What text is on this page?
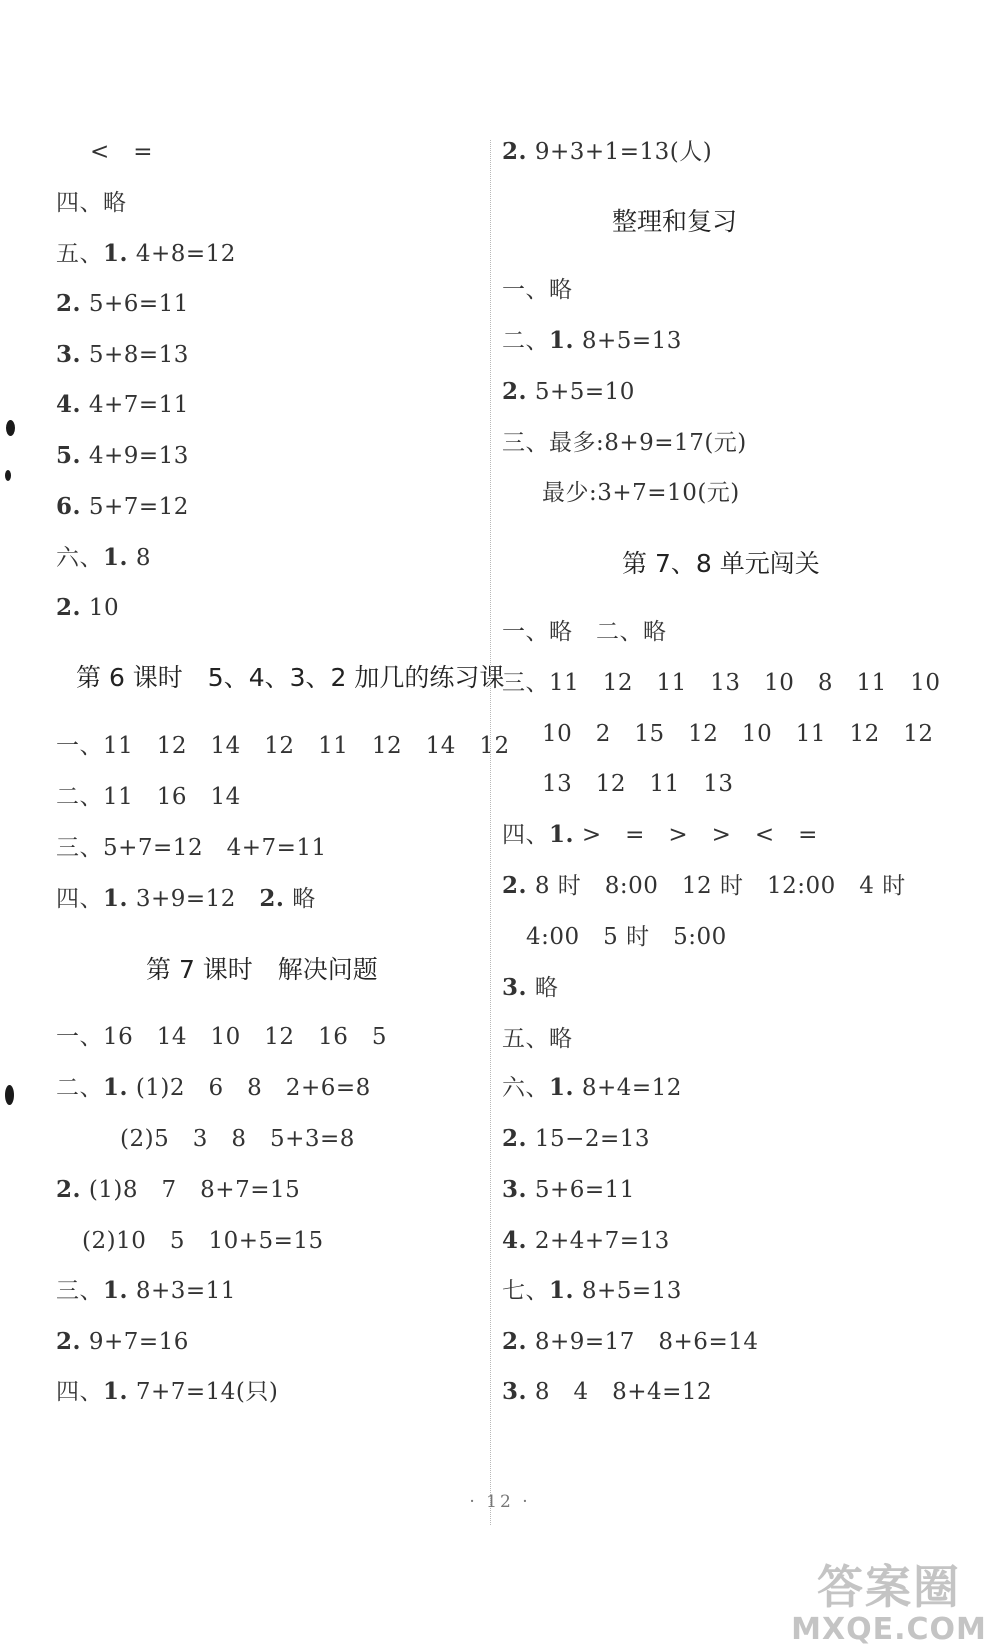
<　=
四、略
五、1. 4+8=12
2. 5+6=11
3. 5+8=13
4. 4+7=11
5. 4+9=13
6. 5+7=12
六、1. 8
2. 10
第 6 课时　5、4、3、2 加几的练习课
一、11　12　14　12　11　12　14　12
二、11　16　14
三、5+7=12　4+7=11
四、1. 3+9=12　2. 略
第 7 课时　解决问题
一、16　14　10　12　16　5
二、1. (1)2　6　8　2+6=8
(2)5　3　8　5+3=8
2. (1)8　7　8+7=15
(2)10　5　10+5=15
三、1. 8+3=11
2. 9+7=16
四、1. 7+7=14(只)
2. 9+3+1=13(人)
整理和复习
一、略
二、1. 8+5=13
2. 5+5=10
三、最多:8+9=17(元)
最少:3+7=10(元)
第 7、8 单元闯关
一、略　二、略
三、11　12　11　13　10　8　11　10
10　2　15　12　10　11　12　12
13　12　11　13
四、1. >　=　>　>　<　=
2. 8 时　8:00　12 时　12:00　4 时
4:00　5 时　5:00
3. 略
五、略
六、1. 8+4=12
2. 15−2=13
3. 5+6=11
4. 2+4+7=13
七、1. 8+5=13
2. 8+9=17　8+6=14
3. 8　4　8+4=12
· 12 ·
答案圈
MXQE.COM
